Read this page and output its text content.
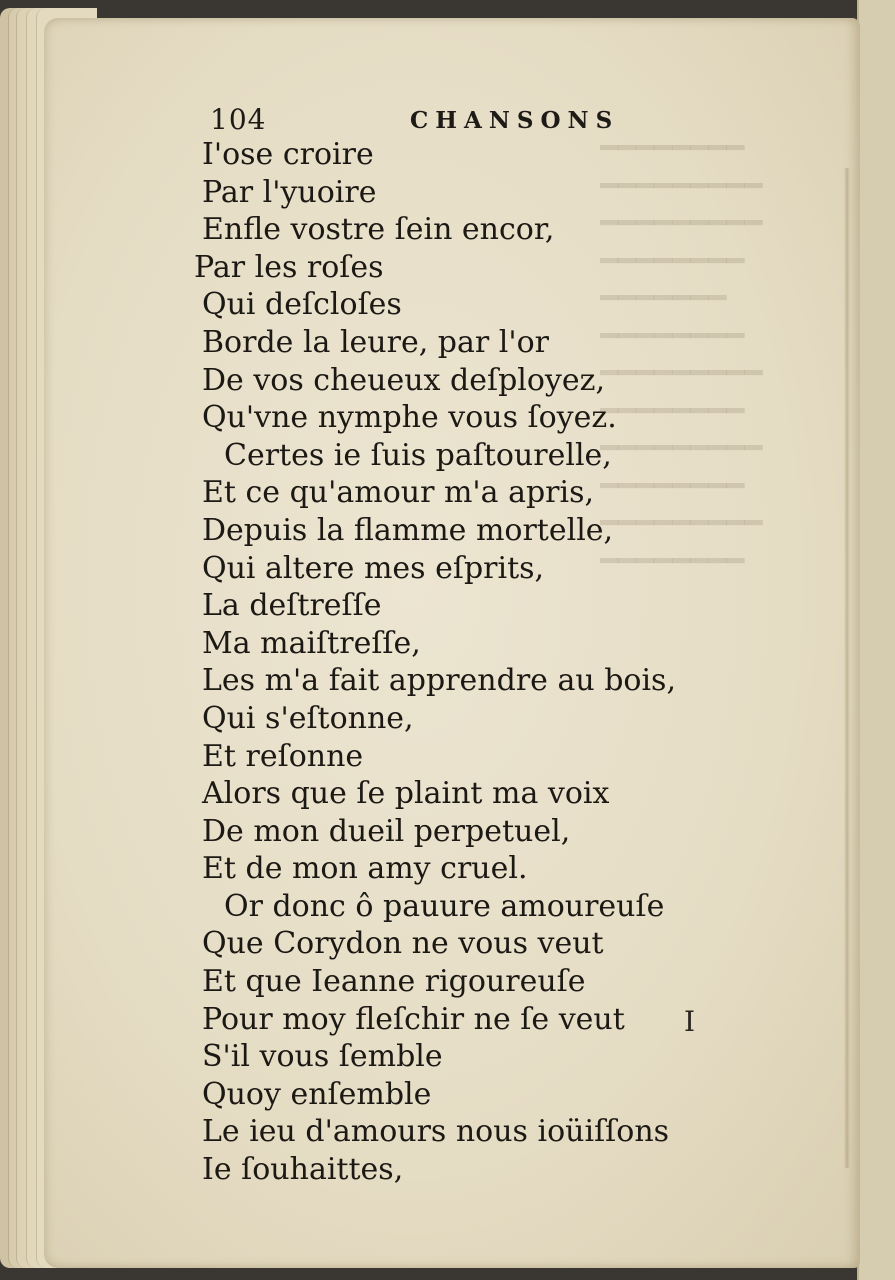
━━━━━━━━
━━━━━━━━━
━━━━━━━━━
━━━━━━━━
━━━━━━━
━━━━━━━━
━━━━━━━━━
━━━━━━━━
━━━━━━━━━
━━━━━━━━
━━━━━━━━━
━━━━━━━━
104	CHANSONS
I'ose croire
Par l'yuoire
Enfle vostre ſein encor,
Par les roſes
Qui deſcloſes
Borde la leure, par l'or
De vos cheueux deſployez,
Qu'vne nymphe vous ſoyez.
Certes ie ſuis paſtourelle,
Et ce qu'amour m'a apris,
Depuis la flamme mortelle,
Qui altere mes eſprits,
La deſtreſſe
Ma maiſtreſſe,
Les m'a fait apprendre au bois,
Qui s'eſtonne,
Et reſonne
Alors que ſe plaint ma voix
De mon dueil perpetuel,
Et de mon amy cruel.
Or donc ô pauure amoureuſe
Que Corydon ne vous veut
Et que Ieanne rigoureuſe
Pour moy fleſchir ne ſe veut
S'il vous ſemble
Quoy enſemble
Le ieu d'amours nous ioüiſſons
Ie ſouhaittes,
I
